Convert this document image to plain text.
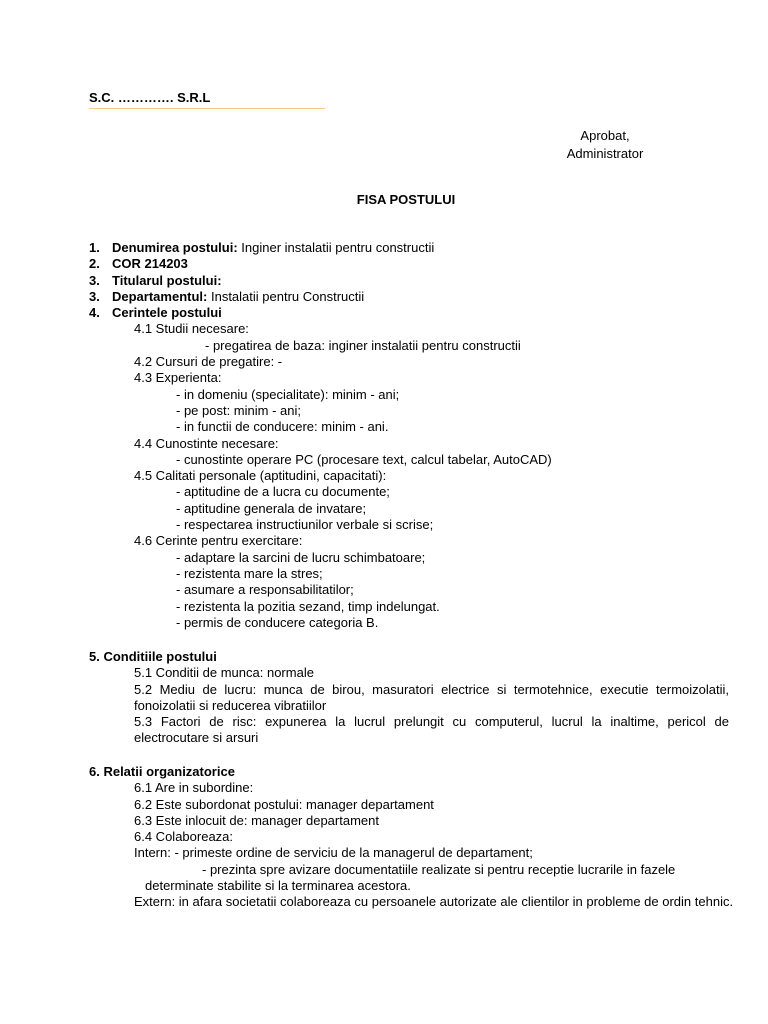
S.C. …………. S.R.L
Aprobat,
Administrator
FISA POSTULUI
1. Denumirea postului: Inginer instalatii pentru constructii
2. COR 214203
3. Titularul postului:
3. Departamentul: Instalatii pentru Constructii
4. Cerintele postului
4.1 Studii necesare:
- pregatirea de baza: inginer instalatii pentru constructii
4.2 Cursuri de pregatire: -
4.3 Experienta:
- in domeniu (specialitate): minim - ani;
- pe post: minim - ani;
- in functii de conducere: minim - ani.
4.4 Cunostinte necesare:
- cunostinte operare PC (procesare text, calcul tabelar, AutoCAD)
4.5 Calitati personale (aptitudini, capacitati):
- aptitudine de a lucra cu documente;
- aptitudine generala de invatare;
- respectarea instructiunilor verbale si scrise;
4.6 Cerinte pentru exercitare:
- adaptare la sarcini de lucru schimbatoare;
- rezistenta mare la stres;
- asumare a responsabilitatilor;
- rezistenta la pozitia sezand, timp indelungat.
- permis de conducere categoria B.
5. Conditiile postului
5.1 Conditii de munca: normale
5.2 Mediu de lucru: munca de birou, masuratori electrice si termotehnice, executie termoizolatii, fonoizolatii si reducerea vibratiilor
5.3 Factori de risc: expunerea la lucrul prelungit cu computerul, lucrul la inaltime, pericol de electrocutare si arsuri
6. Relatii organizatorice
6.1 Are in subordine:
6.2 Este subordonat postului: manager departament
6.3 Este inlocuit de: manager departament
6.4 Colaboreaza:
Intern: - primeste ordine de serviciu de la managerul de departament;
- prezinta spre avizare documentatiile realizate si pentru receptie lucrarile in fazele
determinate stabilite si la terminarea acestora.
Extern: in afara societatii colaboreaza cu persoanele autorizate ale clientilor in probleme de ordin tehnic.
